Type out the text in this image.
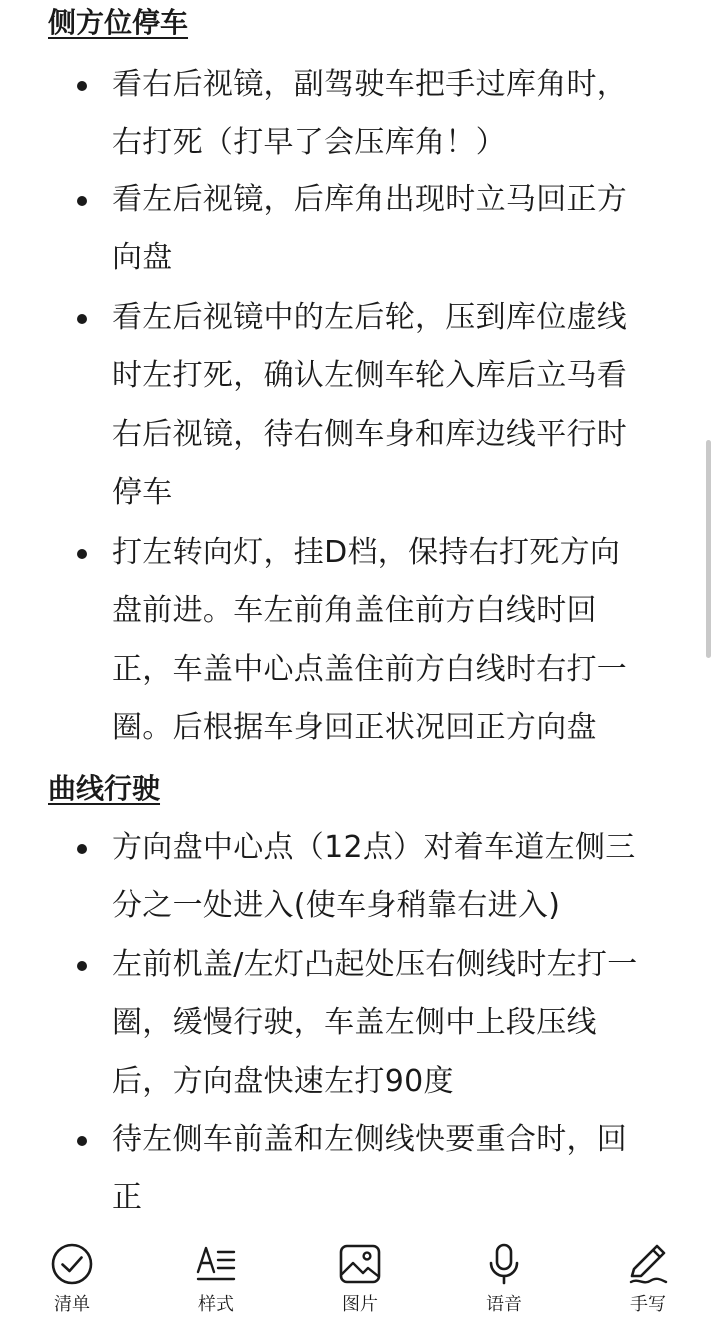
侧方位停车
看右后视镜，副驾驶车把手过库角时，
右打死（打早了会压库角！）
看左后视镜，后库角出现时立马回正方
向盘
看左后视镜中的左后轮，压到库位虚线
时左打死，确认左侧车轮入库后立马看
右后视镜，待右侧车身和库边线平行时
停车
打左转向灯，挂D档，保持右打死方向
盘前进。车左前角盖住前方白线时回
正，车盖中心点盖住前方白线时右打一
圈。后根据车身回正状况回正方向盘
曲线行驶
方向盘中心点（12点）对着车道左侧三
分之一处进入(使车身稍靠右进入)
左前机盖/左灯凸起处压右侧线时左打一
圈，缓慢行驶，车盖左侧中上段压线
后，方向盘快速左打90度
待左侧车前盖和左侧线快要重合时，回
正
清单	样式	图片	语音	手写
